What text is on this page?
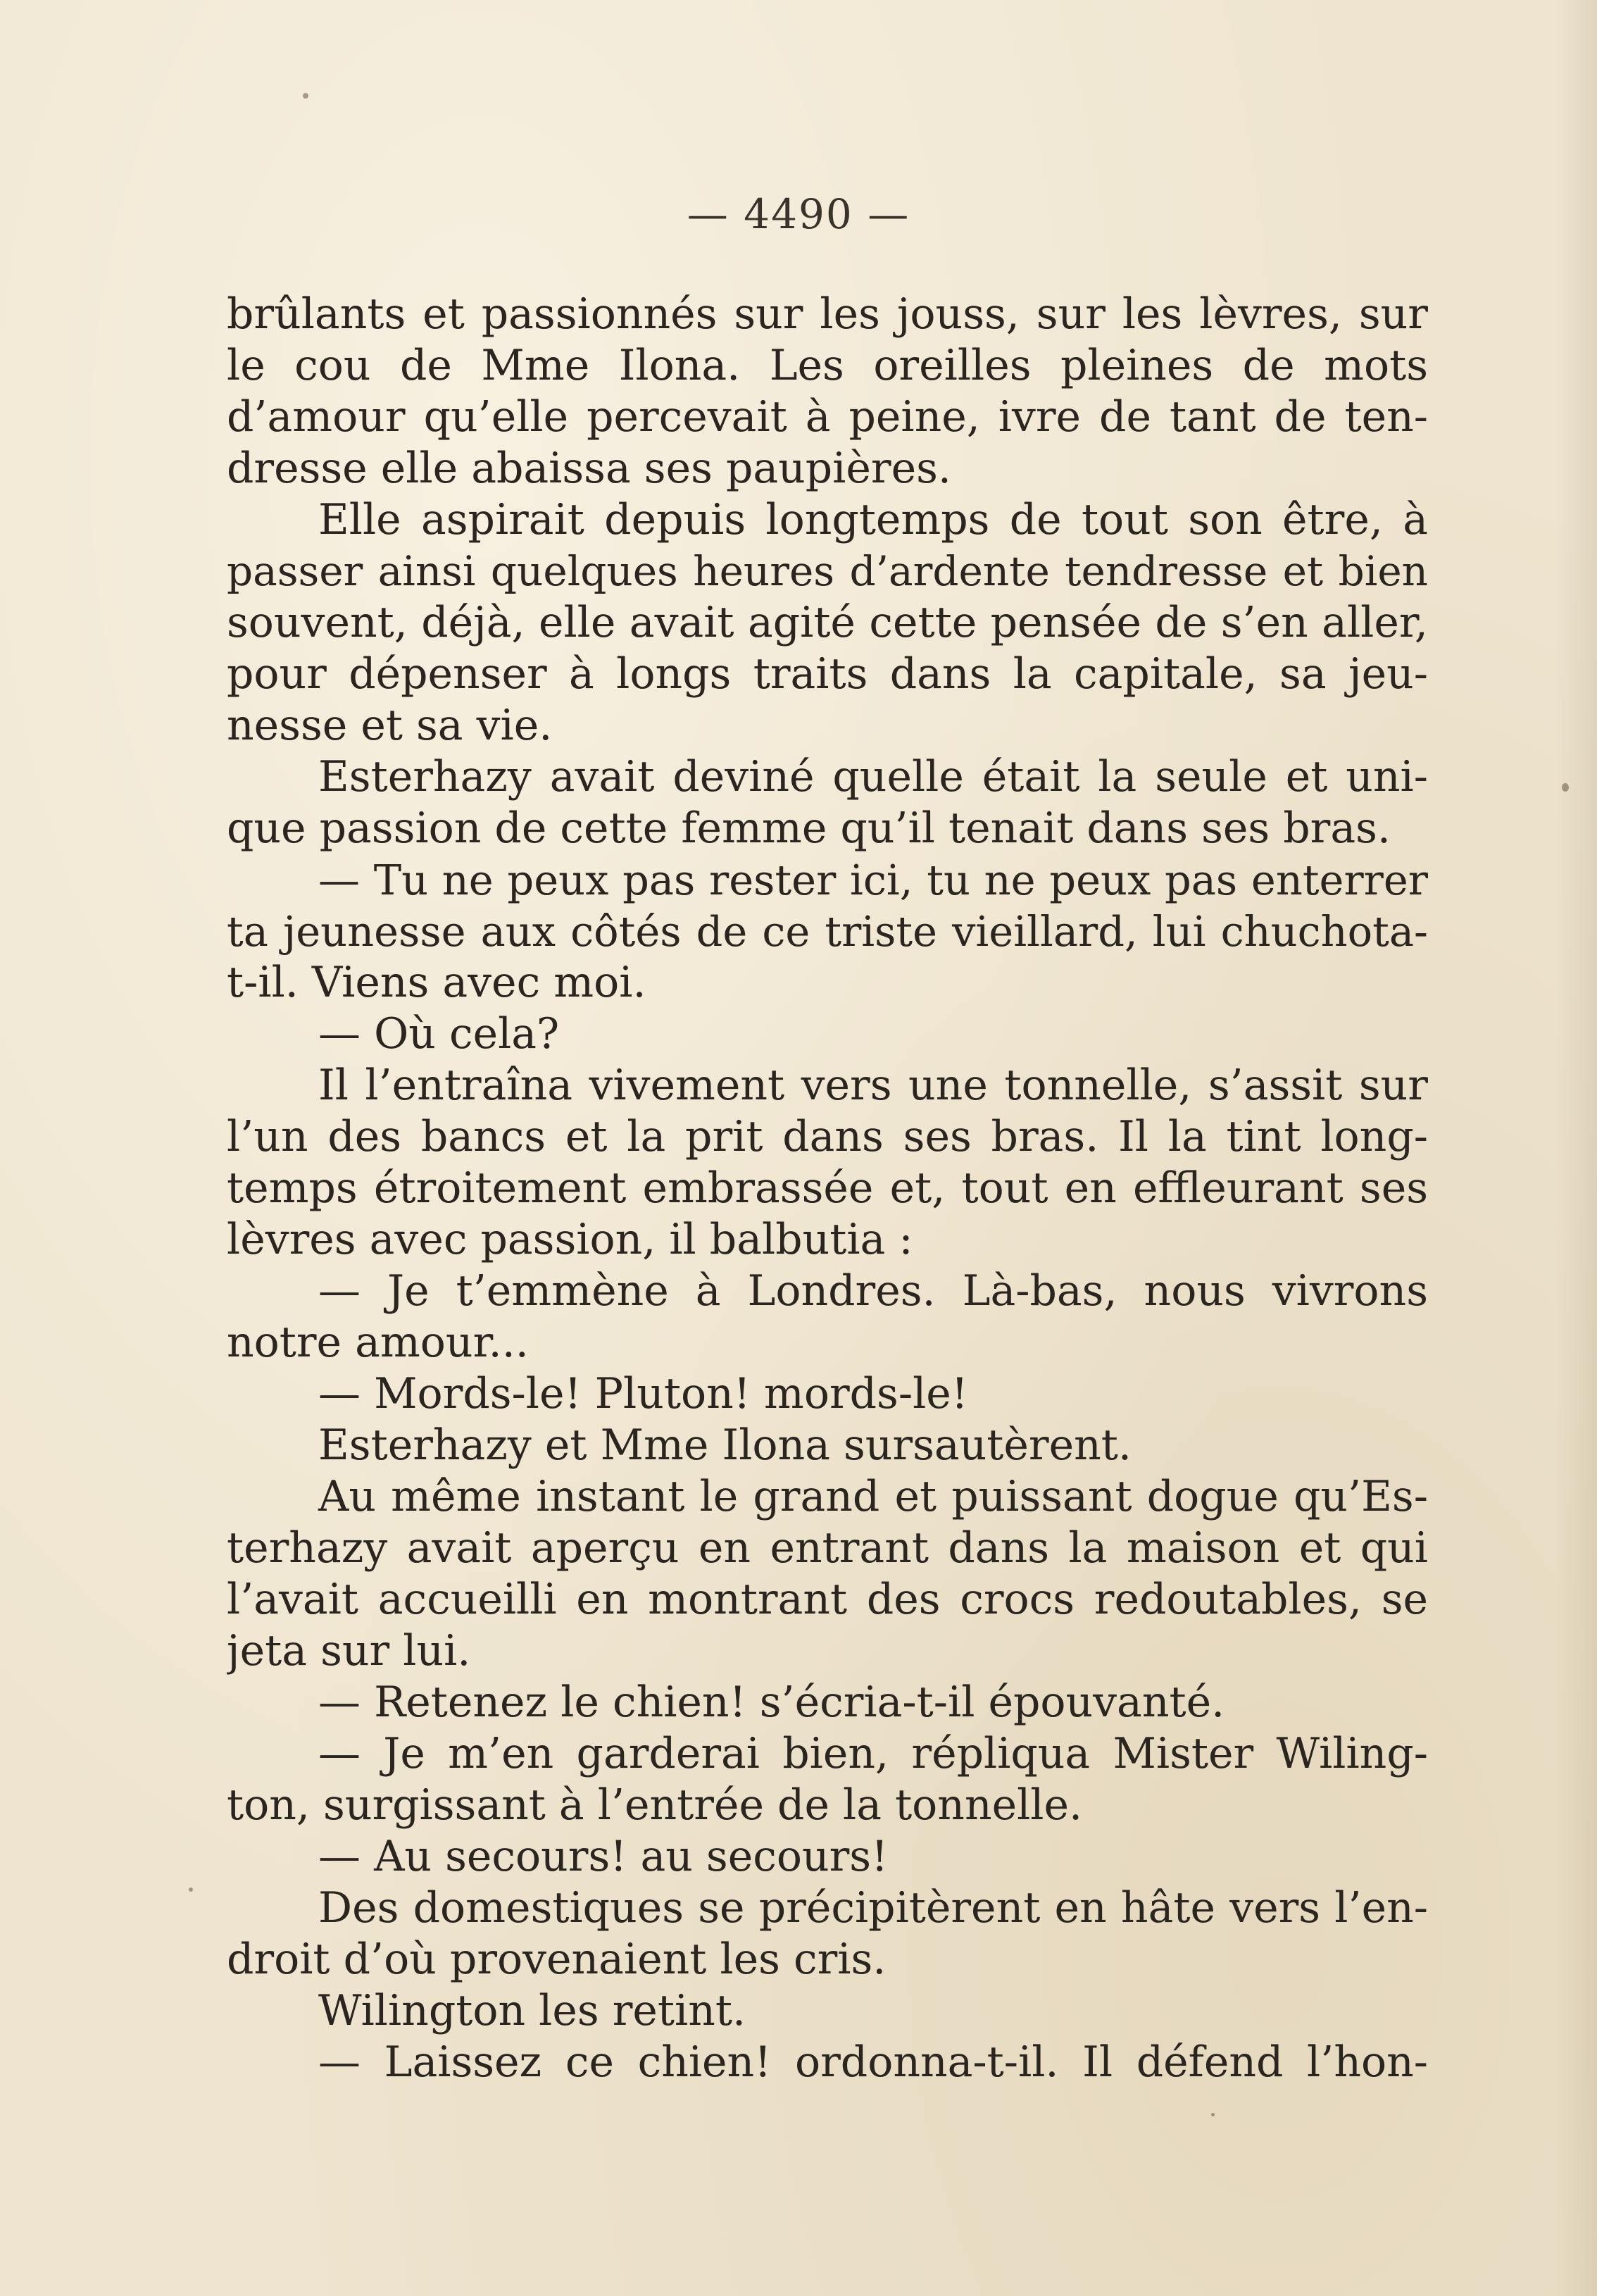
— 4490 —
brûlants et passionnés sur les jouss, sur les lèvres, sur
le cou de Mme Ilona. Les oreilles pleines de mots
d’amour qu’elle percevait à peine, ivre de tant de ten-
dresse elle abaissa ses paupières.
Elle aspirait depuis longtemps de tout son être, à
passer ainsi quelques heures d’ardente tendresse et bien
souvent, déjà, elle avait agité cette pensée de s’en aller,
pour dépenser à longs traits dans la capitale, sa jeu-
nesse et sa vie.
Esterhazy avait deviné quelle était la seule et uni-
que passion de cette femme qu’il tenait dans ses bras.
— Tu ne peux pas rester ici, tu ne peux pas enterrer
ta jeunesse aux côtés de ce triste vieillard, lui chuchota-
t-il. Viens avec moi.
— Où cela?
Il l’entraîna vivement vers une tonnelle, s’assit sur
l’un des bancs et la prit dans ses bras. Il la tint long-
temps étroitement embrassée et, tout en effleurant ses
lèvres avec passion, il balbutia :
— Je t’emmène à Londres. Là-bas, nous vivrons
notre amour...
— Mords-le! Pluton! mords-le!
Esterhazy et Mme Ilona sursautèrent.
Au même instant le grand et puissant dogue qu’Es-
terhazy avait aperçu en entrant dans la maison et qui
l’avait accueilli en montrant des crocs redoutables, se
jeta sur lui.
— Retenez le chien! s’écria-t-il épouvanté.
— Je m’en garderai bien, répliqua Mister Wiling-
ton, surgissant à l’entrée de la tonnelle.
— Au secours! au secours!
Des domestiques se précipitèrent en hâte vers l’en-
droit d’où provenaient les cris.
Wilington les retint.
— Laissez ce chien! ordonna-t-il. Il défend l’hon-
